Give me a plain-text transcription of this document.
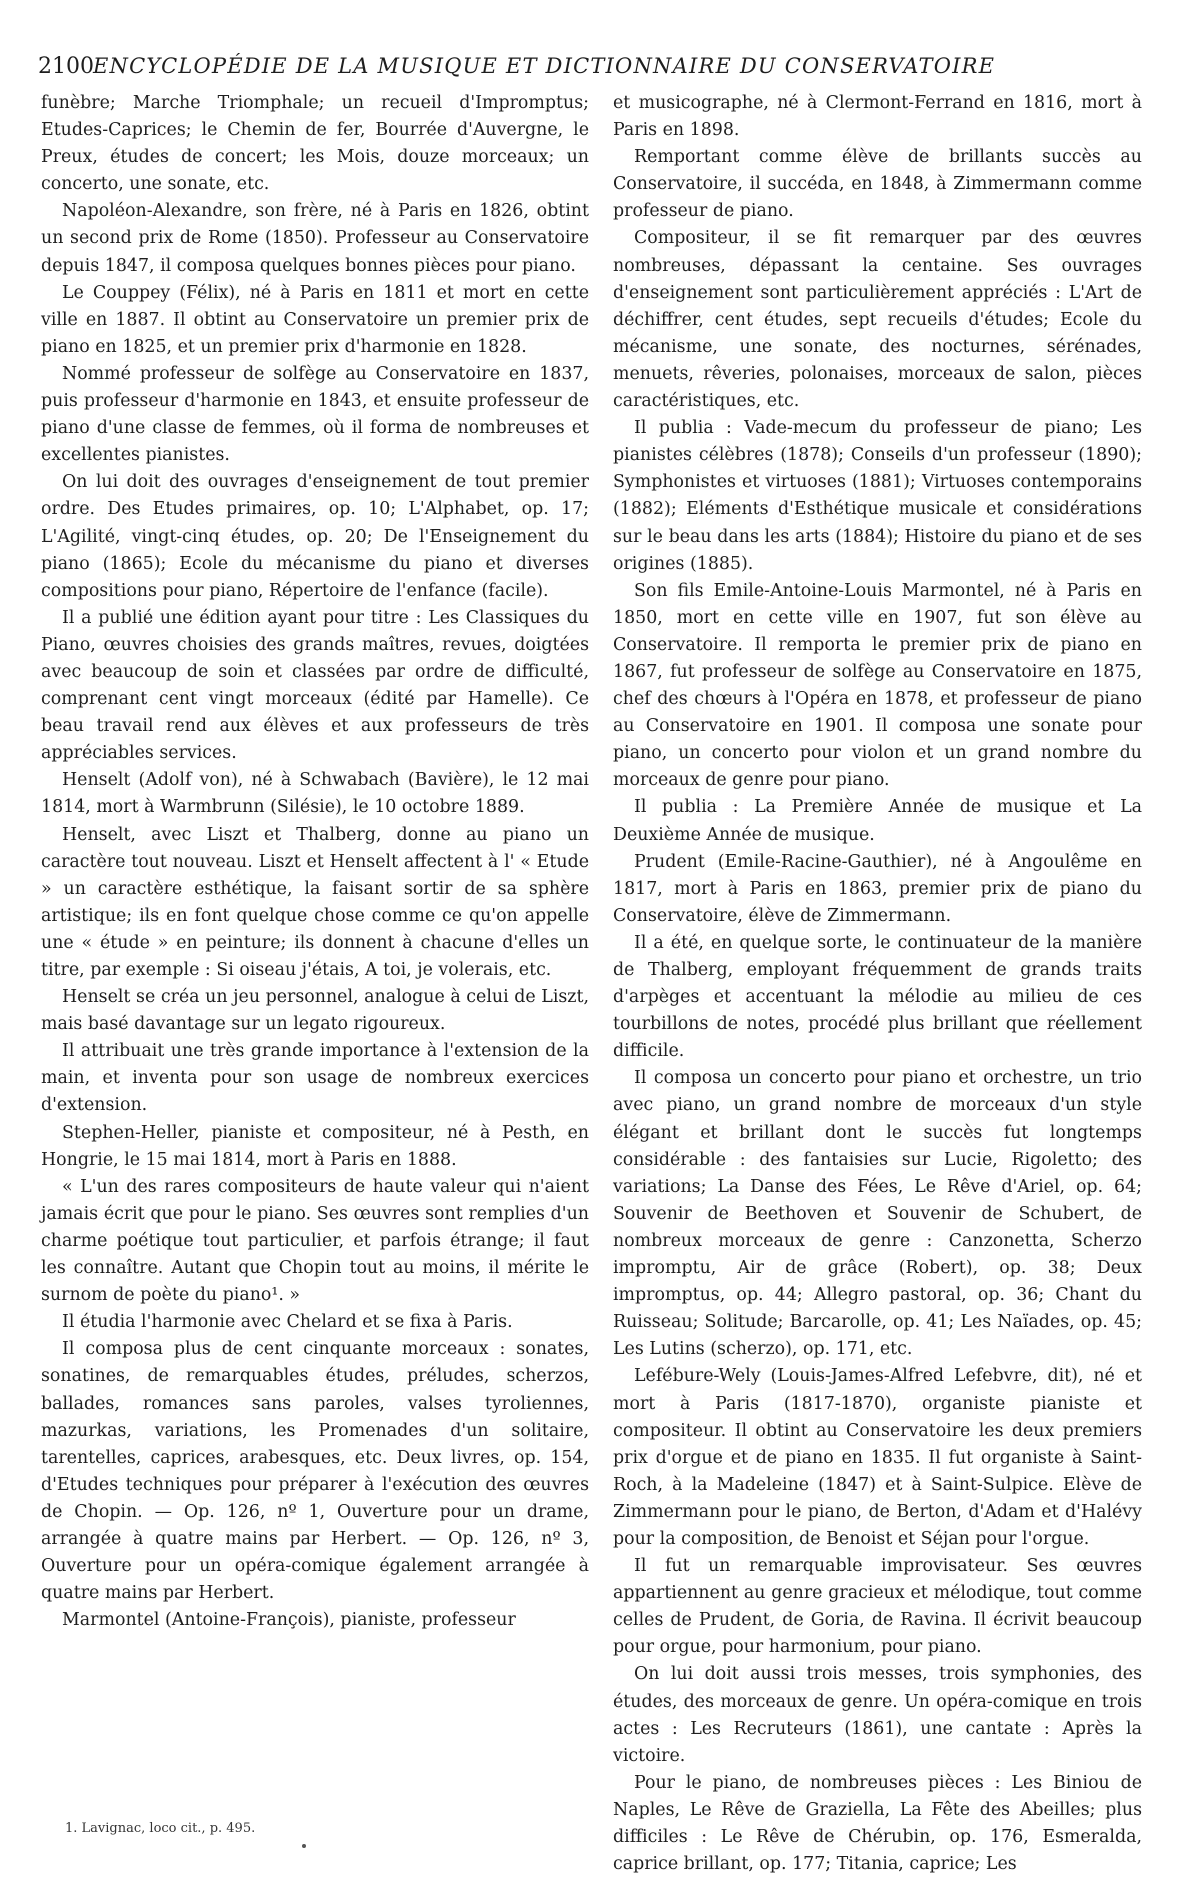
2100 ENCYCLOPÉDIE DE LA MUSIQUE ET DICTIONNAIRE DU CONSERVATOIRE

funèbre; Marche Triomphale; un recueil d'Impromptus; Etudes-Caprices; le Chemin de fer, Bourrée d'Auvergne, le Preux, études de concert; les Mois, douze morceaux; un concerto, une sonate, etc.

Napoléon-Alexandre, son frère, né à Paris en 1826, obtint un second prix de Rome (1850). Professeur au Conservatoire depuis 1847, il composa quelques bonnes pièces pour piano.

Le Couppey (Félix), né à Paris en 1811 et mort en cette ville en 1887. Il obtint au Conservatoire un premier prix de piano en 1825, et un premier prix d'harmonie en 1828.

Nommé professeur de solfège au Conservatoire en 1837, puis professeur d'harmonie en 1843, et ensuite professeur de piano d'une classe de femmes, où il forma de nombreuses et excellentes pianistes.

On lui doit des ouvrages d'enseignement de tout premier ordre. Des Etudes primaires, op. 10; L'Alphabet, op. 17; L'Agilité, vingt-cinq études, op. 20; De l'Enseignement du piano (1865); Ecole du mécanisme du piano et diverses compositions pour piano, Répertoire de l'enfance (facile).

Il a publié une édition ayant pour titre : Les Classiques du Piano, œuvres choisies des grands maîtres, revues, doigtées avec beaucoup de soin et classées par ordre de difficulté, comprenant cent vingt morceaux (édité par Hamelle). Ce beau travail rend aux élèves et aux professeurs de très appréciables services.

Henselt (Adolf von), né à Schwabach (Bavière), le 12 mai 1814, mort à Warmbrunn (Silésie), le 10 octobre 1889.

Henselt, avec Liszt et Thalberg, donne au piano un caractère tout nouveau. Liszt et Henselt affectent à l' « Etude » un caractère esthétique, la faisant sortir de sa sphère artistique; ils en font quelque chose comme ce qu'on appelle une « étude » en peinture; ils donnent à chacune d'elles un titre, par exemple : Si oiseau j'étais, A toi, je volerais, etc.

Henselt se créa un jeu personnel, analogue à celui de Liszt, mais basé davantage sur un legato rigoureux.

Il attribuait une très grande importance à l'extension de la main, et inventa pour son usage de nombreux exercices d'extension.

Stephen-Heller, pianiste et compositeur, né à Pesth, en Hongrie, le 15 mai 1814, mort à Paris en 1888.

« L'un des rares compositeurs de haute valeur qui n'aient jamais écrit que pour le piano. Ses œuvres sont remplies d'un charme poétique tout particulier, et parfois étrange; il faut les connaître. Autant que Chopin tout au moins, il mérite le surnom de poète du piano¹. »

Il étudia l'harmonie avec Chelard et se fixa à Paris.

Il composa plus de cent cinquante morceaux : sonates, sonatines, de remarquables études, préludes, scherzos, ballades, romances sans paroles, valses tyroliennes, mazurkas, variations, les Promenades d'un solitaire, tarentelles, caprices, arabesques, etc. Deux livres, op. 154, d'Etudes techniques pour préparer à l'exécution des œuvres de Chopin. — Op. 126, nº 1, Ouverture pour un drame, arrangée à quatre mains par Herbert. — Op. 126, nº 3, Ouverture pour un opéra-comique également arrangée à quatre mains par Herbert.

Marmontel (Antoine-François), pianiste, professeur

et musicographe, né à Clermont-Ferrand en 1816, mort à Paris en 1898.

Remportant comme élève de brillants succès au Conservatoire, il succéda, en 1848, à Zimmermann comme professeur de piano.

Compositeur, il se fit remarquer par des œuvres nombreuses, dépassant la centaine. Ses ouvrages d'enseignement sont particulièrement appréciés : L'Art de déchiffrer, cent études, sept recueils d'études; Ecole du mécanisme, une sonate, des nocturnes, sérénades, menuets, rêveries, polonaises, morceaux de salon, pièces caractéristiques, etc.

Il publia : Vade-mecum du professeur de piano; Les pianistes célèbres (1878); Conseils d'un professeur (1890); Symphonistes et virtuoses (1881); Virtuoses contemporains (1882); Eléments d'Esthétique musicale et considérations sur le beau dans les arts (1884); Histoire du piano et de ses origines (1885).

Son fils Emile-Antoine-Louis Marmontel, né à Paris en 1850, mort en cette ville en 1907, fut son élève au Conservatoire. Il remporta le premier prix de piano en 1867, fut professeur de solfège au Conservatoire en 1875, chef des chœurs à l'Opéra en 1878, et professeur de piano au Conservatoire en 1901. Il composa une sonate pour piano, un concerto pour violon et un grand nombre du morceaux de genre pour piano.

Il publia : La Première Année de musique et La Deuxième Année de musique.

Prudent (Emile-Racine-Gauthier), né à Angoulême en 1817, mort à Paris en 1863, premier prix de piano du Conservatoire, élève de Zimmermann.

Il a été, en quelque sorte, le continuateur de la manière de Thalberg, employant fréquemment de grands traits d'arpèges et accentuant la mélodie au milieu de ces tourbillons de notes, procédé plus brillant que réellement difficile.

Il composa un concerto pour piano et orchestre, un trio avec piano, un grand nombre de morceaux d'un style élégant et brillant dont le succès fut longtemps considérable : des fantaisies sur Lucie, Rigoletto; des variations; La Danse des Fées, Le Rêve d'Ariel, op. 64; Souvenir de Beethoven et Souvenir de Schubert, de nombreux morceaux de genre : Canzonetta, Scherzo impromptu, Air de grâce (Robert), op. 38; Deux impromptus, op. 44; Allegro pastoral, op. 36; Chant du Ruisseau; Solitude; Barcarolle, op. 41; Les Naïades, op. 45; Les Lutins (scherzo), op. 171, etc.

Lefébure-Wely (Louis-James-Alfred Lefebvre, dit), né et mort à Paris (1817-1870), organiste pianiste et compositeur. Il obtint au Conservatoire les deux premiers prix d'orgue et de piano en 1835. Il fut organiste à Saint-Roch, à la Madeleine (1847) et à Saint-Sulpice. Elève de Zimmermann pour le piano, de Berton, d'Adam et d'Halévy pour la composition, de Benoist et Séjan pour l'orgue.

Il fut un remarquable improvisateur. Ses œuvres appartiennent au genre gracieux et mélodique, tout comme celles de Prudent, de Goria, de Ravina. Il écrivit beaucoup pour orgue, pour harmonium, pour piano.

On lui doit aussi trois messes, trois symphonies, des études, des morceaux de genre. Un opéra-comique en trois actes : Les Recruteurs (1861), une cantate : Après la victoire.

Pour le piano, de nombreuses pièces : Les Biniou de Naples, Le Rêve de Graziella, La Fête des Abeilles; plus difficiles : Le Rêve de Chérubin, op. 176, Esmeralda, caprice brillant, op. 177; Titania, caprice; Les

1. Lavignac, loco cit., p. 495.
